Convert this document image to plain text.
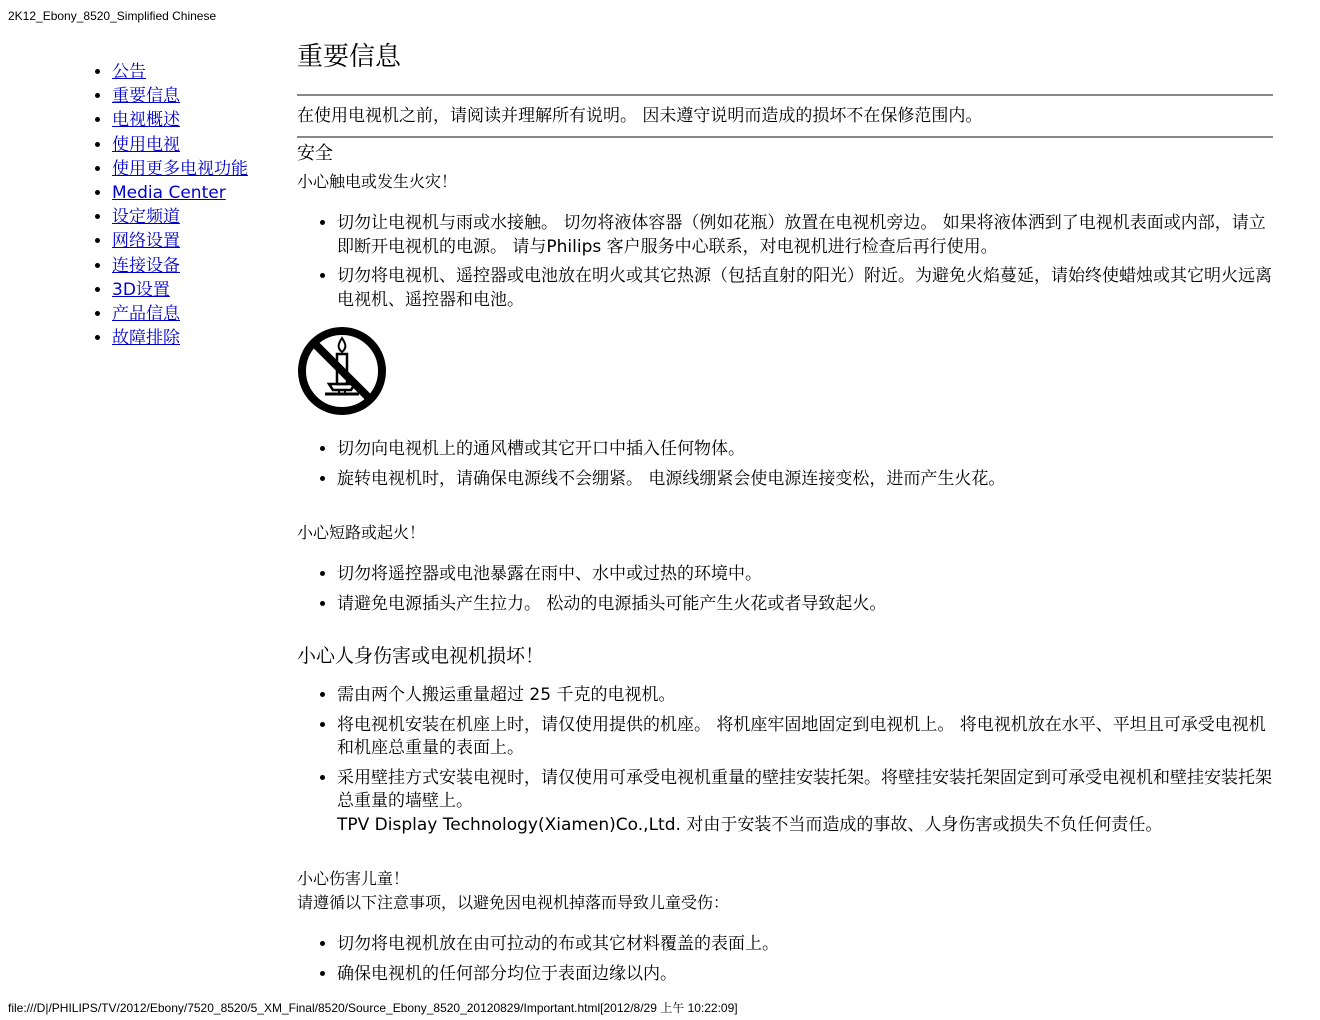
2K12_Ebony_8520_Simplified Chinese
• 公告
• 重要信息
• 电视概述
• 使用电视
• 使用更多电视功能
• Media Center
• 设定频道
• 网络设置
• 连接设备
• 3D设置
• 产品信息
• 故障排除
重要信息
在使用电视机之前，请阅读并理解所有说明。 因未遵守说明而造成的损坏不在保修范围内。
安全
小心触电或发生火灾！
• 切勿让电视机与雨或水接触。 切勿将液体容器（例如花瓶）放置在电视机旁边。 如果将液体洒到了电视机表面或内部，请立即断开电视机的电源。 请与Philips 客户服务中心联系，对电视机进行检查后再行使用。
• 切勿将电视机、遥控器或电池放在明火或其它热源（包括直射的阳光）附近。为避免火焰蔓延，请始终使蜡烛或其它明火远离电视机、遥控器和电池。
• 切勿向电视机上的通风槽或其它开口中插入任何物体。
• 旋转电视机时，请确保电源线不会绷紧。 电源线绷紧会使电源连接变松，进而产生火花。
小心短路或起火！
• 切勿将遥控器或电池暴露在雨中、水中或过热的环境中。
• 请避免电源插头产生拉力。 松动的电源插头可能产生火花或者导致起火。
小心人身伤害或电视机损坏！
• 需由两个人搬运重量超过 25 千克的电视机。
• 将电视机安装在机座上时，请仅使用提供的机座。 将机座牢固地固定到电视机上。 将电视机放在水平、平坦且可承受电视机和机座总重量的表面上。
• 采用壁挂方式安装电视时，请仅使用可承受电视机重量的壁挂安装托架。将壁挂安装托架固定到可承受电视机和壁挂安装托架总重量的墙壁上。
TPV Display Technology(Xiamen)Co.,Ltd. 对由于安装不当而造成的事故、人身伤害或损失不负任何责任。
小心伤害儿童！
请遵循以下注意事项，以避免因电视机掉落而导致儿童受伤：
• 切勿将电视机放在由可拉动的布或其它材料覆盖的表面上。
• 确保电视机的任何部分均位于表面边缘以内。
file:///D|/PHILIPS/TV/2012/Ebony/7520_8520/5_XM_Final/8520/Source_Ebony_8520_20120829/Important.html[2012/8/29 上午 10:22:09]
